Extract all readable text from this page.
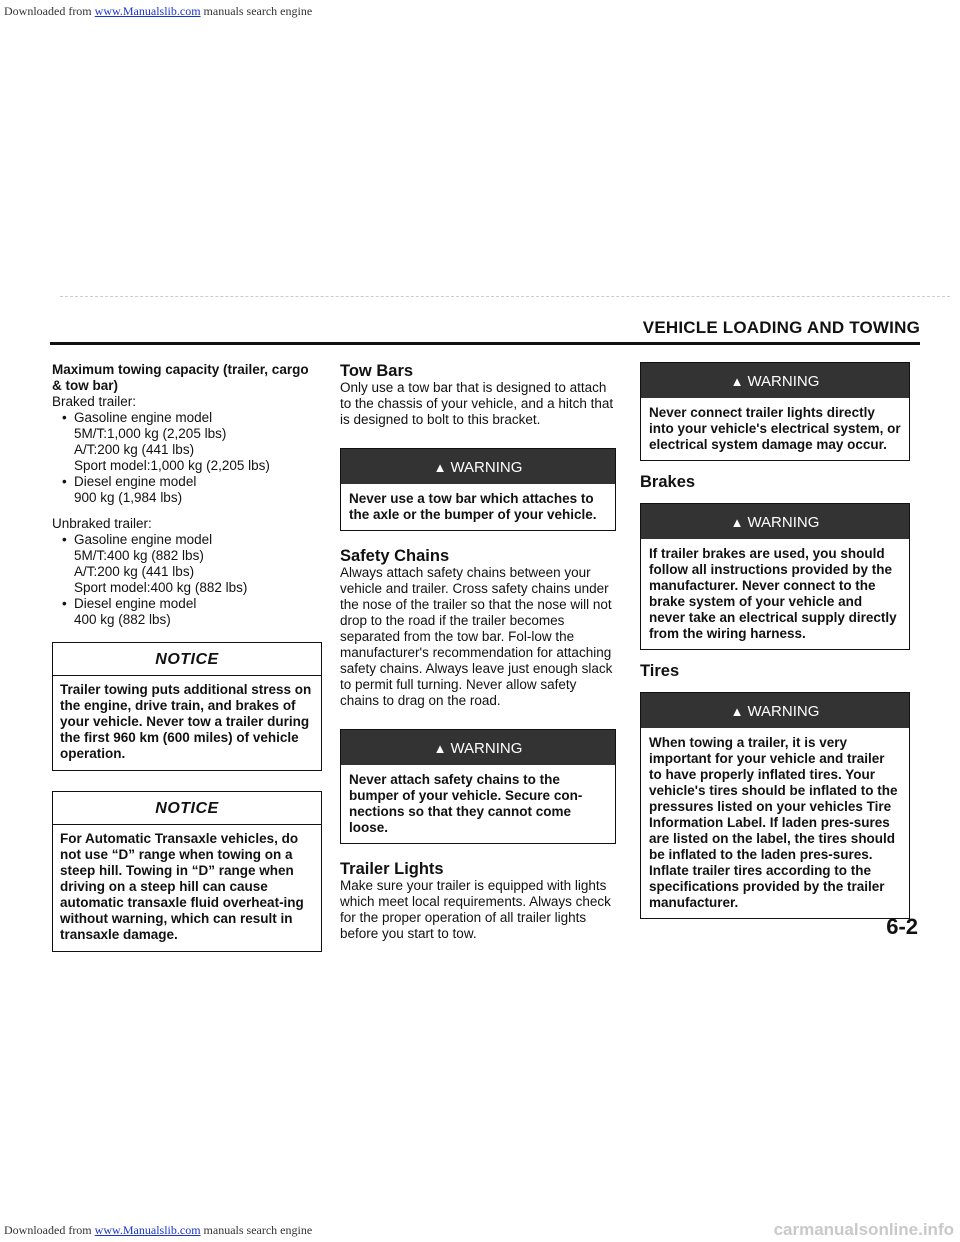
Downloaded from www.Manualslib.com manuals search engine
VEHICLE LOADING AND TOWING

Maximum towing capacity (trailer, cargo & tow bar)

Braked trailer:

• Gasoline engine model

5M/T:1,000 kg (2,205 lbs)

A/T:200 kg (441 lbs)

Sport model:1,000 kg (2,205 lbs)

• Diesel engine model

900 kg (1,984 lbs)

Unbraked trailer:

• Gasoline engine model

5M/T:400 kg (882 lbs)

A/T:200 kg (441 lbs)

Sport model:400 kg (882 lbs)

• Diesel engine model

400 kg (882 lbs)

NOTICE
Trailer towing puts additional stress on the engine, drive train, and brakes of your vehicle. Never tow a trailer during the first 960 km (600 miles) of vehicle operation.
NOTICE
For Automatic Transaxle vehicles, do not use “D” range when towing on a steep hill. Towing in “D” range when driving on a steep hill can cause automatic transaxle fluid overheat-ing without warning, which can result in transaxle damage.

Tow Bars

Only use a tow bar that is designed to attach to the chassis of your vehicle, and a hitch that is designed to bolt to this bracket.

▲ WARNING
Never use a tow bar which attaches to the axle or the bumper of your vehicle.

Safety Chains

Always attach safety chains between your vehicle and trailer. Cross safety chains under the nose of the trailer so that the nose will not drop to the road if the trailer becomes separated from the tow bar. Fol-low the manufacturer's recommendation for attaching safety chains. Always leave just enough slack to permit full turning. Never allow safety chains to drag on the road.

▲ WARNING
Never attach safety chains to the bumper of your vehicle. Secure con-nections so that they cannot come loose.

Trailer Lights

Make sure your trailer is equipped with lights which meet local requirements. Always check for the proper operation of all trailer lights before you start to tow.

▲ WARNING
Never connect trailer lights directly into your vehicle's electrical system, or electrical system damage may occur.

Brakes

▲ WARNING
If trailer brakes are used, you should follow all instructions provided by the manufacturer. Never connect to the brake system of your vehicle and never take an electrical supply directly from the wiring harness.

Tires

▲ WARNING
When towing a trailer, it is very important for your vehicle and trailer to have properly inflated tires. Your vehicle's tires should be inflated to the pressures listed on your vehicles Tire Information Label. If laden pres-sures are listed on the label, the tires should be inflated to the laden pres-sures. Inflate trailer tires according to the specifications provided by the trailer manufacturer.
6-2
Downloaded from www.Manualslib.com manuals search engine	carmanualsonline.info
